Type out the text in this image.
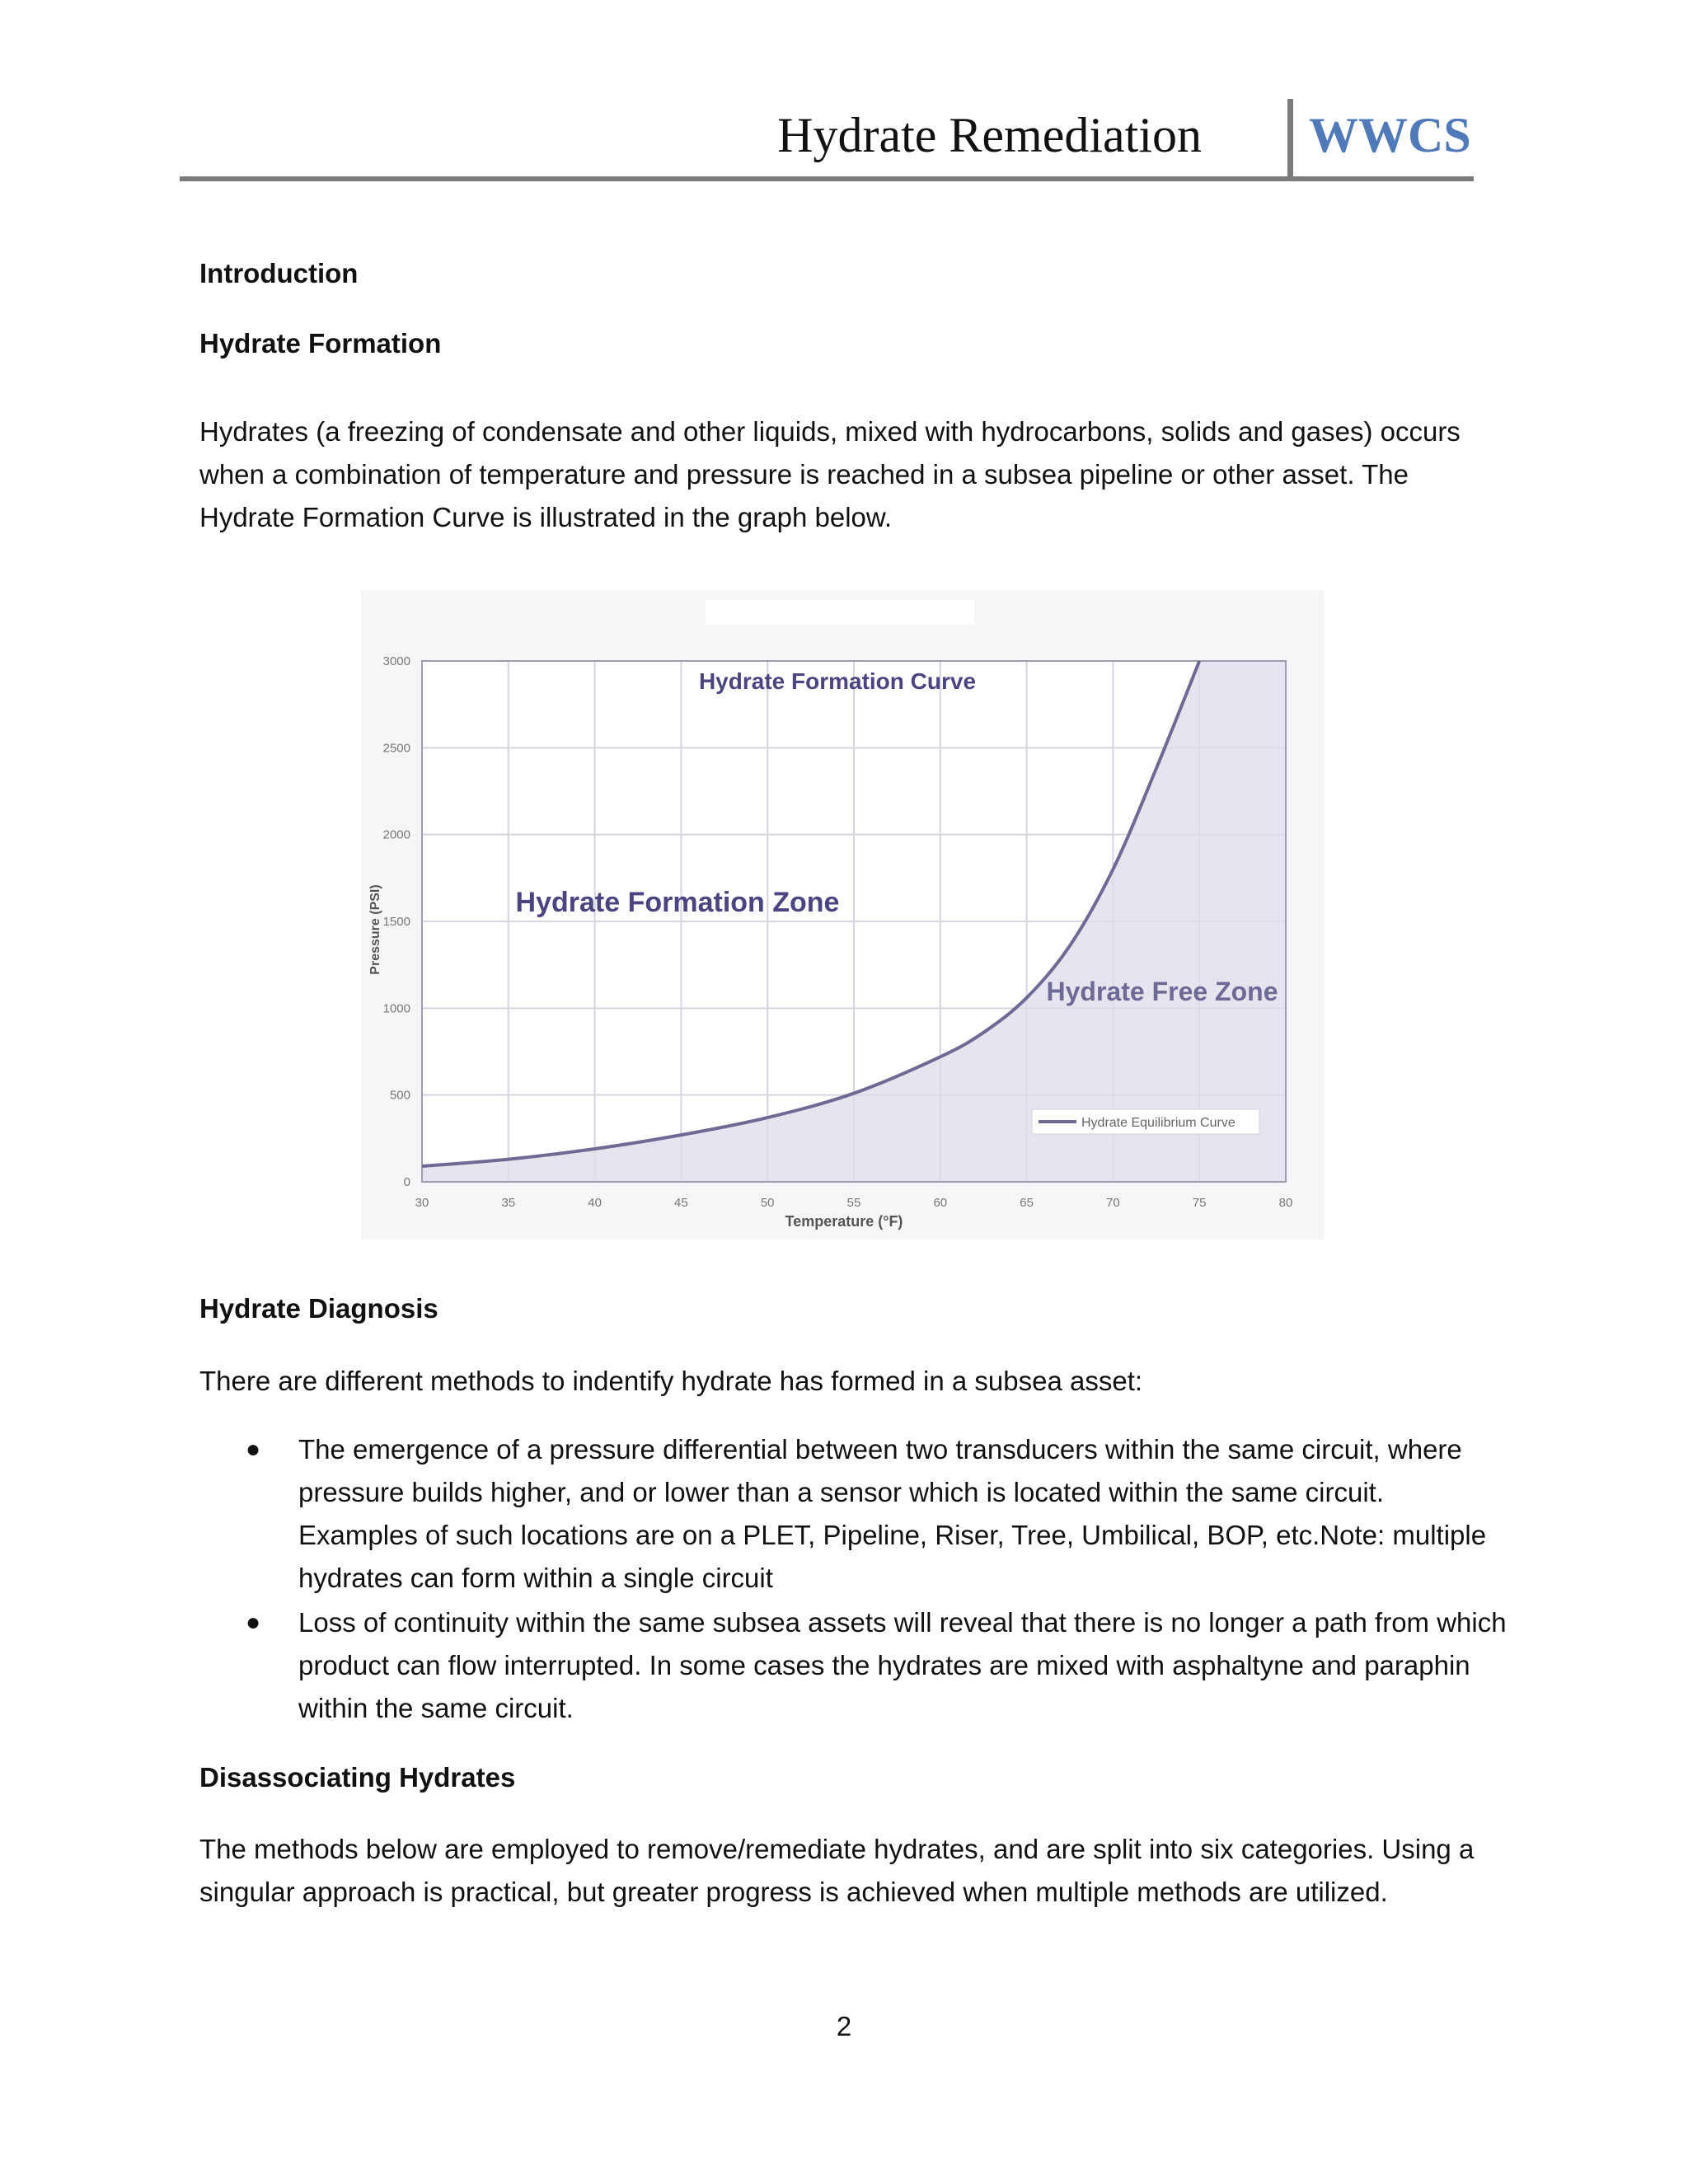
Hydrate Remediation WWCS
Introduction
Hydrate Formation

Hydrates (a freezing of condensate and other liquids, mixed with hydrocarbons, solids and gases) occurs when a combination of temperature and pressure is reached in a subsea pipeline or other asset. The Hydrate Formation Curve is illustrated in the graph below.

30	35	40	45	50	55	60	65	70	75	80
0
500
1000
1500
2000
2500
3000
Hydrate Formation Curve
Hydrate Formation Zone
Hydrate Free Zone
Hydrate Equilibrium Curve
Temperature (°F)
Pressure (PSI)
Hydrate Diagnosis

There are different methods to indentify hydrate has formed in a subsea asset:

● The emergence of a pressure differential between two transducers within the same circuit, where pressure builds higher, and or lower than a sensor which is located within the same circuit. Examples of such locations are on a PLET, Pipeline, Riser, Tree, Umbilical, BOP, etc.Note: multiple hydrates can form within a single circuit
● Loss of continuity within the same subsea assets will reveal that there is no longer a path from which product can flow interrupted. In some cases the hydrates are mixed with asphaltyne and paraphin within the same circuit.
Disassociating Hydrates

The methods below are employed to remove/remediate hydrates, and are split into six categories. Using a singular approach is practical, but greater progress is achieved when multiple methods are utilized.

2
